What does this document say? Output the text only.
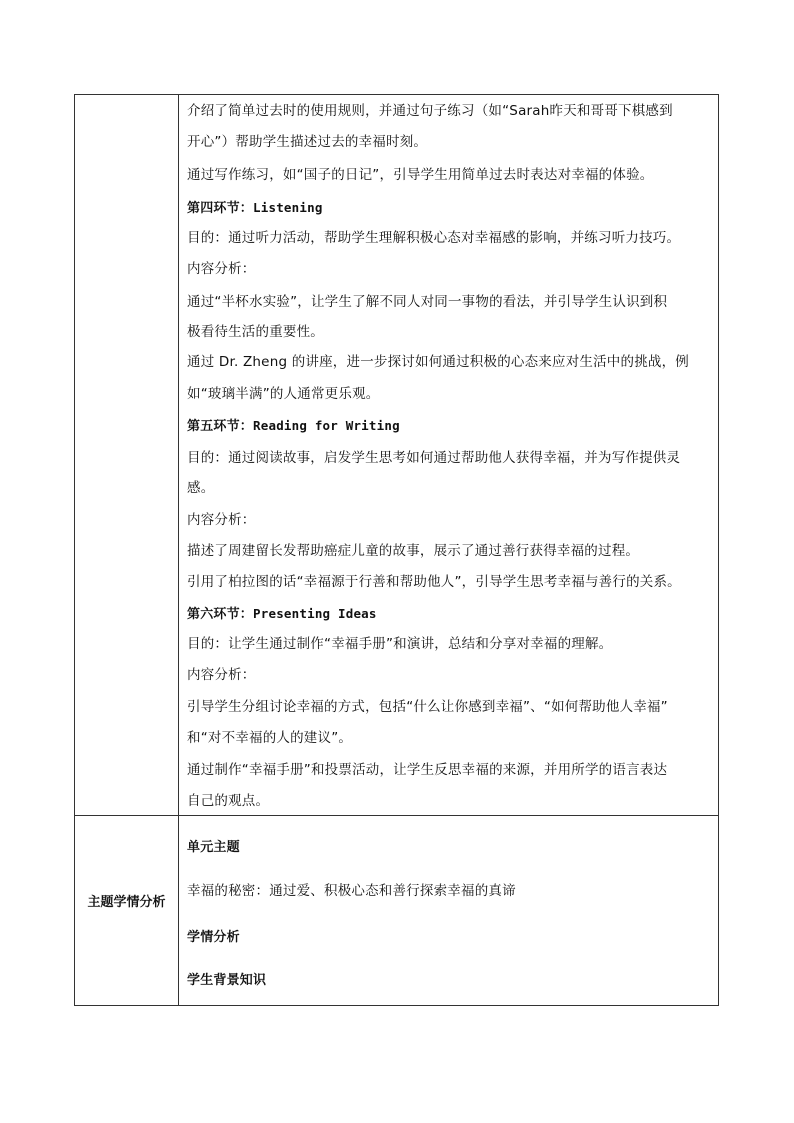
介绍了简单过去时的使用规则，并通过句子练习（如“Sarah昨天和哥哥下棋感到
开心”）帮助学生描述过去的幸福时刻。
通过写作练习，如“国子的日记”，引导学生用简单过去时表达对幸福的体验。
第四环节：Listening
目的：通过听力活动，帮助学生理解积极心态对幸福感的影响，并练习听力技巧。
内容分析：
通过“半杯水实验”，让学生了解不同人对同一事物的看法，并引导学生认识到积
极看待生活的重要性。
通过 Dr. Zheng 的讲座，进一步探讨如何通过积极的心态来应对生活中的挑战，例
如“玻璃半满”的人通常更乐观。
第五环节：Reading for Writing
目的：通过阅读故事，启发学生思考如何通过帮助他人获得幸福，并为写作提供灵
感。
内容分析：
描述了周建留长发帮助癌症儿童的故事，展示了通过善行获得幸福的过程。
引用了柏拉图的话“幸福源于行善和帮助他人”，引导学生思考幸福与善行的关系。
第六环节：Presenting Ideas
目的：让学生通过制作“幸福手册”和演讲，总结和分享对幸福的理解。
内容分析：
引导学生分组讨论幸福的方式，包括“什么让你感到幸福”、“如何帮助他人幸福”
和“对不幸福的人的建议”。
通过制作“幸福手册”和投票活动，让学生反思幸福的来源，并用所学的语言表达
自己的观点。
主题学情分析
单元主题
幸福的秘密：通过爱、积极心态和善行探索幸福的真谛
学情分析
学生背景知识
